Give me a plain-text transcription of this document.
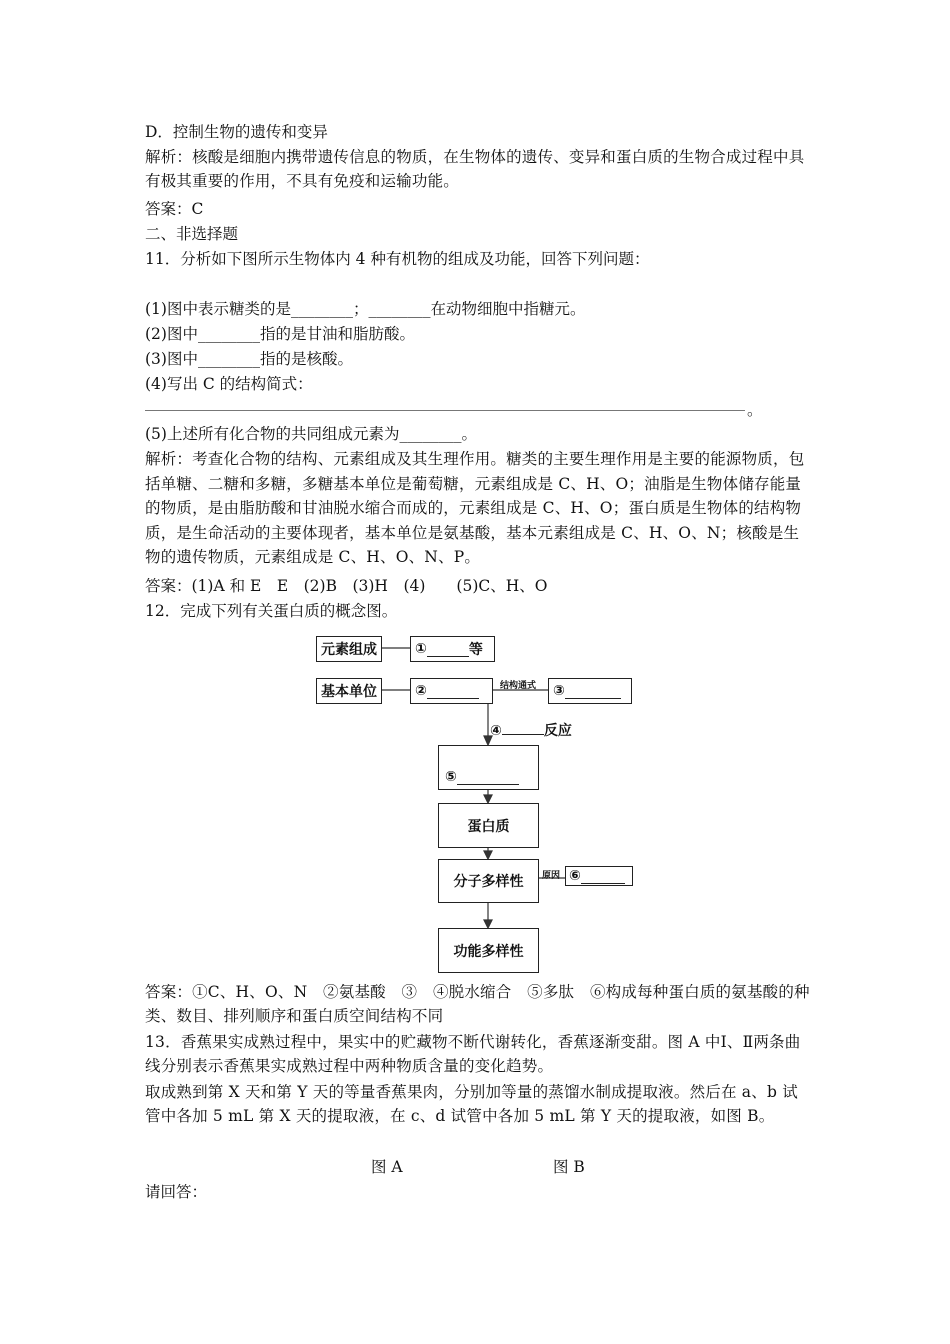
D．控制生物的遗传和变异
解析：核酸是细胞内携带遗传信息的物质，在生物体的遗传、变异和蛋白质的生物合成过程中具有极其重要的作用，不具有免疫和运输功能。
答案：C
二、非选择题
11．分析如下图所示生物体内 4 种有机物的组成及功能，回答下列问题：
(1)图中表示糖类的是________；________在动物细胞中指糖元。
(2)图中________指的是甘油和脂肪酸。
(3)图中________指的是核酸。
(4)写出 C 的结构简式：
。
(5)上述所有化合物的共同组成元素为________。
解析：考查化合物的结构、元素组成及其生理作用。糖类的主要生理作用是主要的能源物质，包括单糖、二糖和多糖，多糖基本单位是葡萄糖，元素组成是 C、H、O；油脂是生物体储存能量的物质，是由脂肪酸和甘油脱水缩合而成的，元素组成是 C、H、O；蛋白质是生物体的结构物质，是生命活动的主要体现者，基本单位是氨基酸，基本元素组成是 C、H、O、N；核酸是生物的遗传物质，元素组成是 C、H、O、N、P。
答案：(1)A 和 E　E　(2)B　(3)H　(4)　　(5)C、H、O
12．完成下列有关蛋白质的概念图。
元素组成	①	等
基本单位	②	结构通式 ③
④	反应
⑤
蛋白质
分子多样性 原因 ⑥
功能多样性
答案：①C、H、O、N　②氨基酸　③　④脱水缩合　⑤多肽　⑥构成每种蛋白质的氨基酸的种类、数目、排列顺序和蛋白质空间结构不同
13．香蕉果实成熟过程中，果实中的贮藏物不断代谢转化，香蕉逐渐变甜。图 A 中Ⅰ、Ⅱ两条曲线分别表示香蕉果实成熟过程中两种物质含量的变化趋势。
取成熟到第 X 天和第 Y 天的等量香蕉果肉，分别加等量的蒸馏水制成提取液。然后在 a、b 试管中各加 5 mL 第 X 天的提取液，在 c、d 试管中各加 5 mL 第 Y 天的提取液，如图 B。
图 A	图 B
请回答：
